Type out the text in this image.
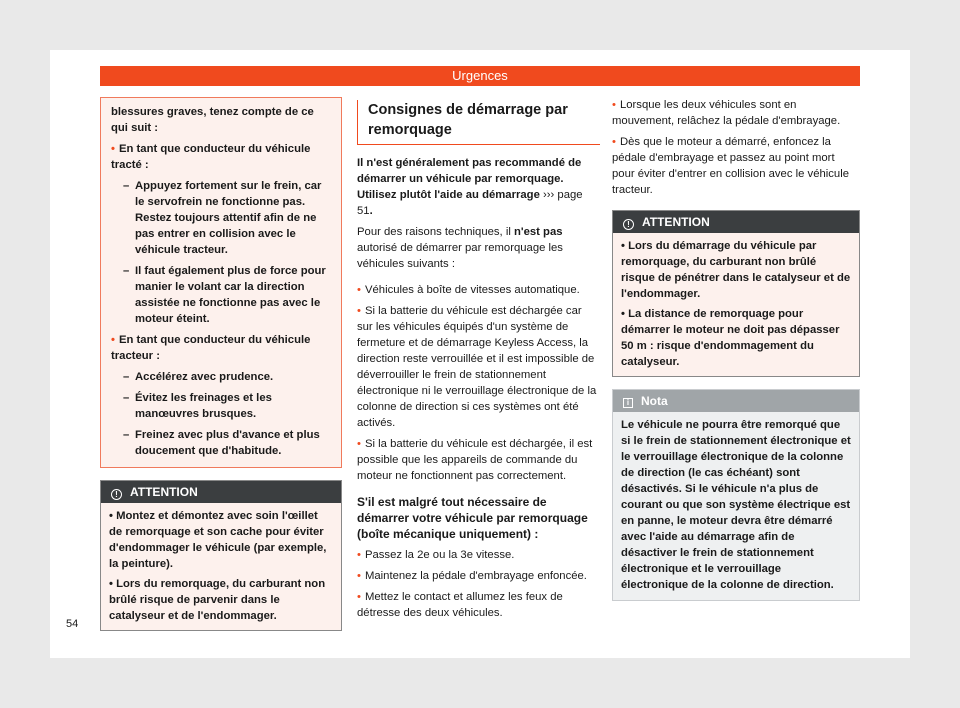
Urgences

blessures graves, tenez compte de ce qui suit :

• En tant que conducteur du véhicule tracté :

– Appuyez fortement sur le frein, car le servofrein ne fonctionne pas. Restez toujours attentif afin de ne pas entrer en collision avec le véhicule tracteur.
– Il faut également plus de force pour manier le volant car la direction assistée ne fonctionne pas avec le moteur éteint.

• En tant que conducteur du véhicule tracteur :

– Accélérez avec prudence.
– Évitez les freinages et les manœuvres brusques.
– Freinez avec plus d'avance et plus doucement que d'habitude.
! ATTENTION

• Montez et démontez avec soin l'œillet de remorquage et son cache pour éviter d'endommager le véhicule (par exemple, la peinture).

• Lors du remorquage, du carburant non brûlé risque de parvenir dans le catalyseur et de l'endommager.

Consignes de démarrage par remorquage

Il n'est généralement pas recommandé de démarrer un véhicule par remorquage. Utilisez plutôt l'aide au démarrage ››› page 51.

Pour des raisons techniques, il n'est pas autorisé de démarrer par remorquage les véhicules suivants :

• Véhicules à boîte de vitesses automatique.

• Si la batterie du véhicule est déchargée car sur les véhicules équipés d'un système de fermeture et de démarrage Keyless Access, la direction reste verrouillée et il est impossible de déverrouiller le frein de stationnement électronique ni le verrouillage électronique de la colonne de direction si ces systèmes ont été activés.

• Si la batterie du véhicule est déchargée, il est possible que les appareils de commande du moteur ne fonctionnent pas correctement.

S'il est malgré tout nécessaire de démarrer votre véhicule par remorquage (boîte mécanique uniquement) :

• Passez la 2e ou la 3e vitesse.

• Maintenez la pédale d'embrayage enfoncée.

• Mettez le contact et allumez les feux de détresse des deux véhicules.

• Lorsque les deux véhicules sont en mouvement, relâchez la pédale d'embrayage.

• Dès que le moteur a démarré, enfoncez la pédale d'embrayage et passez au point mort pour éviter d'entrer en collision avec le véhicule tracteur.

! ATTENTION

• Lors du démarrage du véhicule par remorquage, du carburant non brûlé risque de pénétrer dans le catalyseur et de l'endommager.

• La distance de remorquage pour démarrer le moteur ne doit pas dépasser 50 m : risque d'endommagement du catalyseur.

i Nota
Le véhicule ne pourra être remorqué que si le frein de stationnement électronique et le verrouillage électronique de la colonne de direction (le cas échéant) sont désactivés. Si le véhicule n'a plus de courant ou que son système électrique est en panne, le moteur devra être démarré avec l'aide au démarrage afin de désactiver le frein de stationnement électronique et le verrouillage électronique de la colonne de direction.
54
